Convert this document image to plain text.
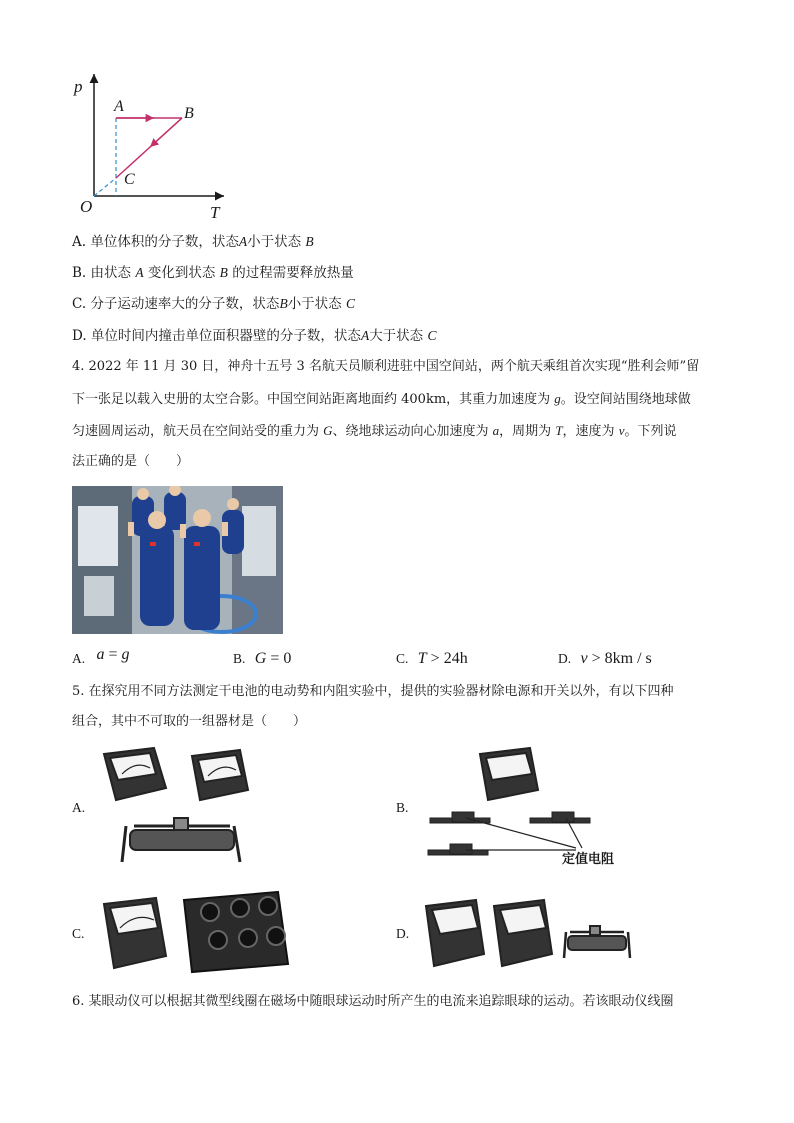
p
T
O
A	B
C
A. 单位体积的分子数，状态A小于状态 B
B. 由状态 A 变化到状态 B 的过程需要释放热量
C. 分子运动速率大的分子数，状态B小于状态 C
D. 单位时间内撞击单位面积器壁的分子数，状态A大于状态 C
4. 2022 年 11 月 30 日，神舟十五号 3 名航天员顺利进驻中国空间站，两个航天乘组首次实现“胜利会师”留
下一张足以载入史册的太空合影。中国空间站距离地面约 400km，其重力加速度为 g。设空间站围绕地球做
匀速圆周运动，航天员在空间站受的重力为 G、绕地球运动向心加速度为 a，周期为 T，速度为 v。下列说
法正确的是（　　）
A. a = g	B. G = 0	C. T > 24h	D. v > 8km / s
5. 在探究用不同方法测定干电池的电动势和内阻实验中，提供的实验器材除电源和开关以外，有以下四种
组合，其中不可取的一组器材是（　　）
A.	B.
定值电阻
C.	D.
6. 某眼动仪可以根据其微型线圈在磁场中随眼球运动时所产生的电流来追踪眼球的运动。若该眼动仪线圈
